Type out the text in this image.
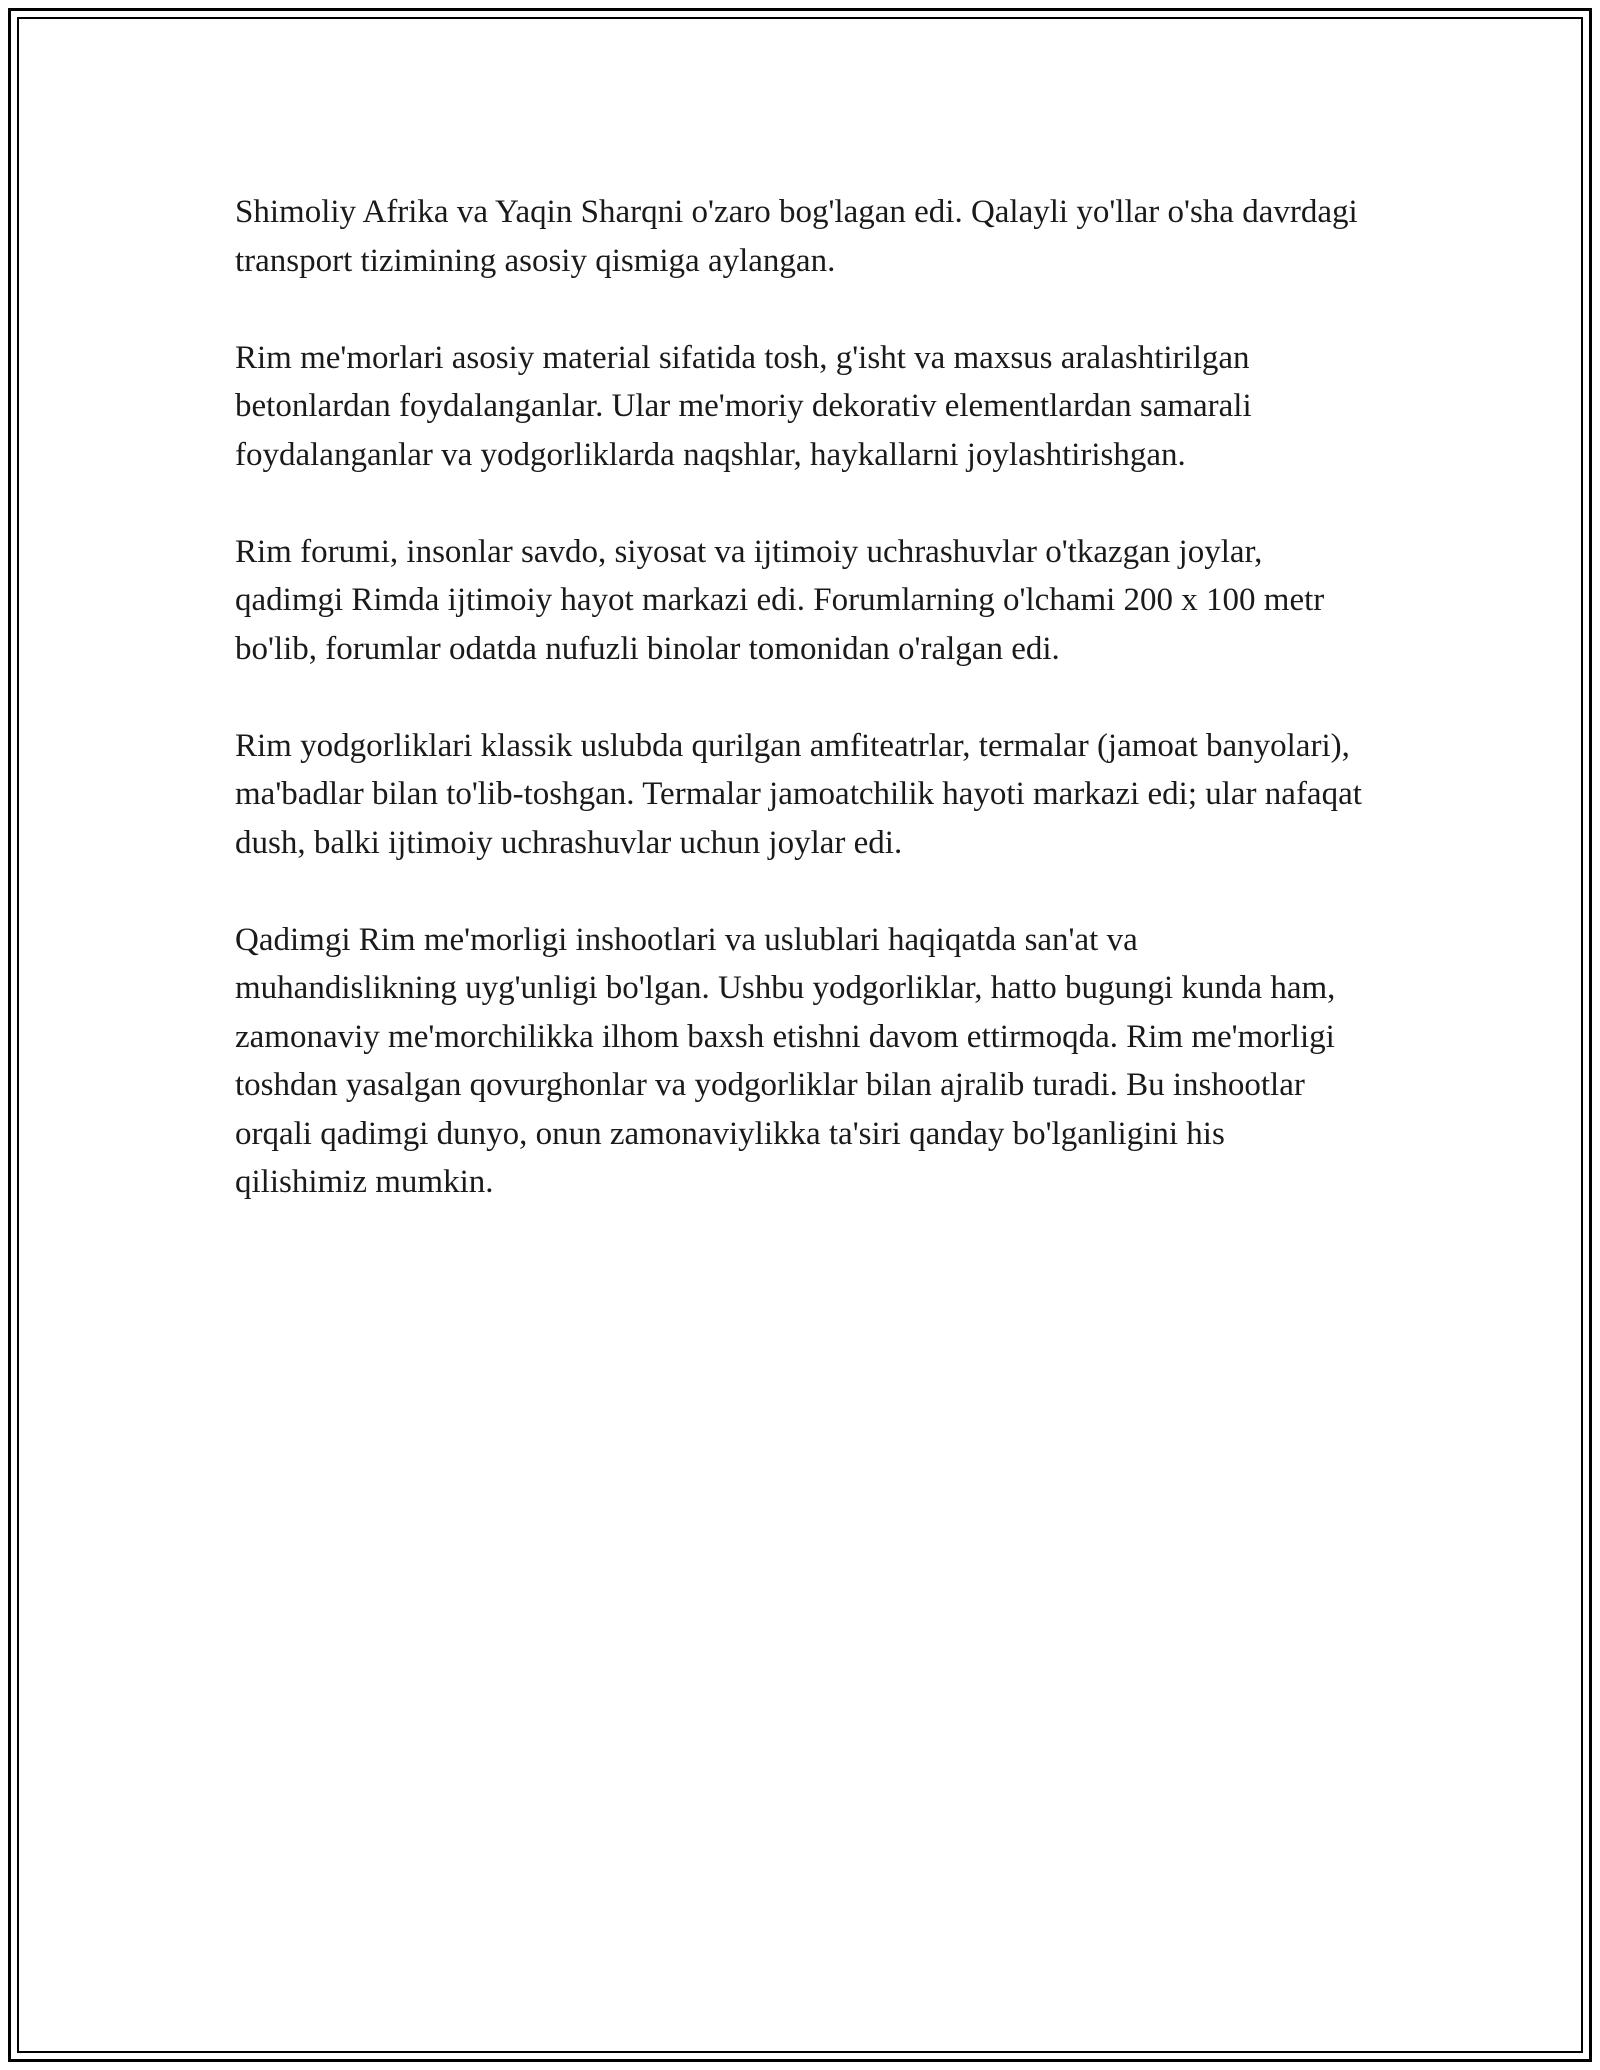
Shimoliy Afrika va Yaqin Sharqni o'zaro bog'lagan edi. Qalayli yo'llar o'sha davrdagi transport tizimining asosiy qismiga aylangan.

Rim me'morlari asosiy material sifatida tosh, g'isht va maxsus aralashtirilgan betonlardan foydalanganlar. Ular me'moriy dekorativ elementlardan samarali foydalanganlar va yodgorliklarda naqshlar, haykallarni joylashtirishgan.

Rim forumi, insonlar savdo, siyosat va ijtimoiy uchrashuvlar o'tkazgan joylar, qadimgi Rimda ijtimoiy hayot markazi edi. Forumlarning o'lchami 200 x 100 metr bo'lib, forumlar odatda nufuzli binolar tomonidan o'ralgan edi.

Rim yodgorliklari klassik uslubda qurilgan amfiteatrlar, termalar (jamoat banyolari), ma'badlar bilan to'lib-toshgan. Termalar jamoatchilik hayoti markazi edi; ular nafaqat dush, balki ijtimoiy uchrashuvlar uchun joylar edi.

Qadimgi Rim me'morligi inshootlari va uslublari haqiqatda san'at va muhandislikning uyg'unligi bo'lgan. Ushbu yodgorliklar, hatto bugungi kunda ham, zamonaviy me'morchilikka ilhom baxsh etishni davom ettirmoqda. Rim me'morligi toshdan yasalgan qovurghonlar va yodgorliklar bilan ajralib turadi. Bu inshootlar orqali qadimgi dunyo, onun zamonaviylikka ta'siri qanday bo'lganligini his qilishimiz mumkin.
